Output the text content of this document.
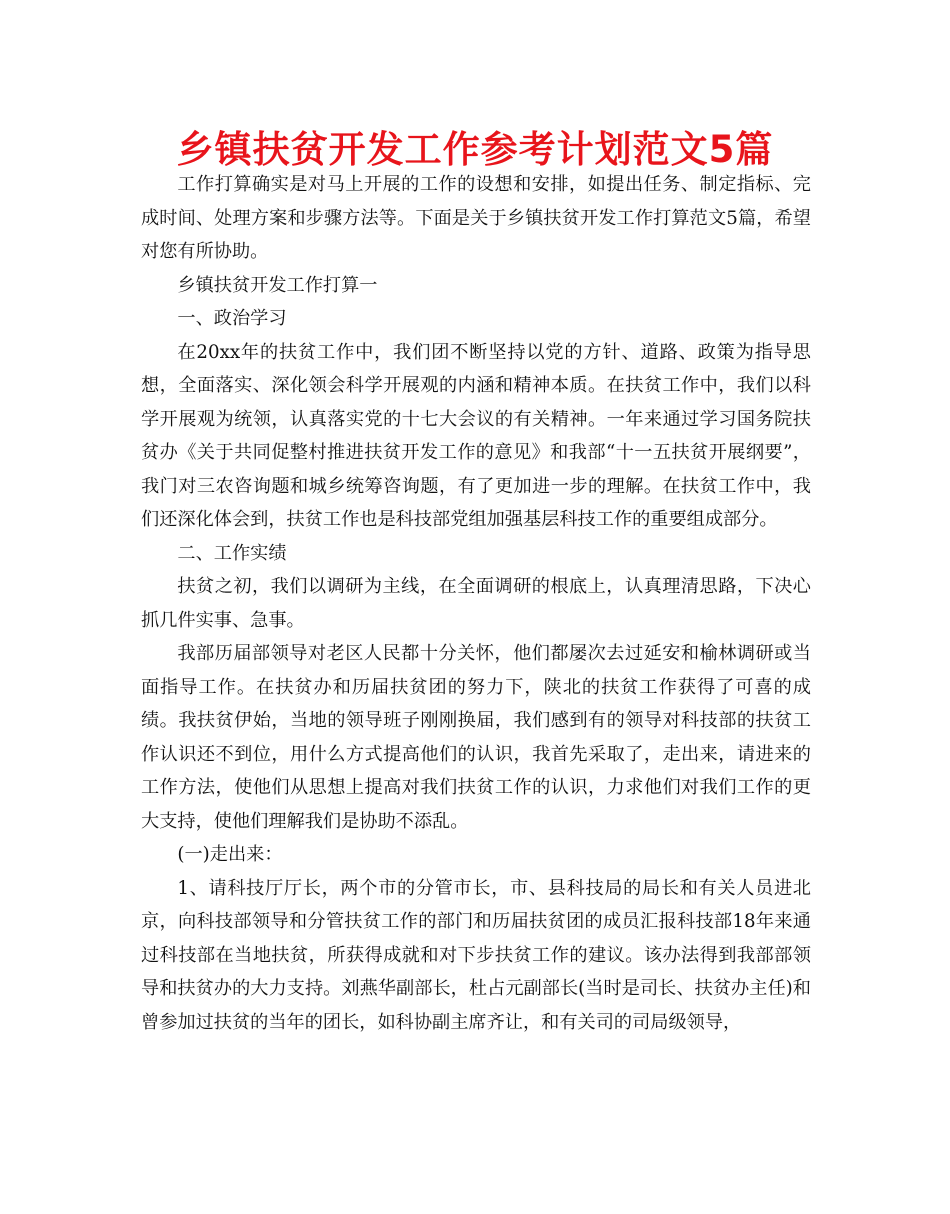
乡镇扶贫开发工作参考计划范文5篇

工作打算确实是对马上开展的工作的设想和安排，如提出任务、制定指标、完成时间、处理方案和步骤方法等。下面是关于乡镇扶贫开发工作打算范文5篇，希望对您有所协助。

乡镇扶贫开发工作打算一

一、政治学习

在20xx年的扶贫工作中，我们团不断坚持以党的方针、道路、政策为指导思想，全面落实、深化领会科学开展观的内涵和精神本质。在扶贫工作中，我们以科学开展观为统领，认真落实党的十七大会议的有关精神。一年来通过学习国务院扶贫办《关于共同促整村推进扶贫开发工作的意见》和我部“十一五扶贫开展纲要”，我门对三农咨询题和城乡统筹咨询题，有了更加进一步的理解。在扶贫工作中，我们还深化体会到，扶贫工作也是科技部党组加强基层科技工作的重要组成部分。

二、工作实绩

扶贫之初，我们以调研为主线，在全面调研的根底上，认真理清思路，下决心抓几件实事、急事。

我部历届部领导对老区人民都十分关怀，他们都屡次去过延安和榆林调研或当面指导工作。在扶贫办和历届扶贫团的努力下，陕北的扶贫工作获得了可喜的成绩。我扶贫伊始，当地的领导班子刚刚换届，我们感到有的领导对科技部的扶贫工作认识还不到位，用什么方式提高他们的认识，我首先采取了，走出来，请进来的工作方法，使他们从思想上提高对我们扶贫工作的认识，力求他们对我们工作的更大支持，使他们理解我们是协助不添乱。

(一)走出来：

1、请科技厅厅长，两个市的分管市长，市、县科技局的局长和有关人员进北京，向科技部领导和分管扶贫工作的部门和历届扶贫团的成员汇报科技部18年来通过科技部在当地扶贫，所获得成就和对下步扶贫工作的建议。该办法得到我部部领导和扶贫办的大力支持。刘燕华副部长，杜占元副部长(当时是司长、扶贫办主任)和曾参加过扶贫的当年的团长，如科协副主席齐让，和有关司的司局级领导，
